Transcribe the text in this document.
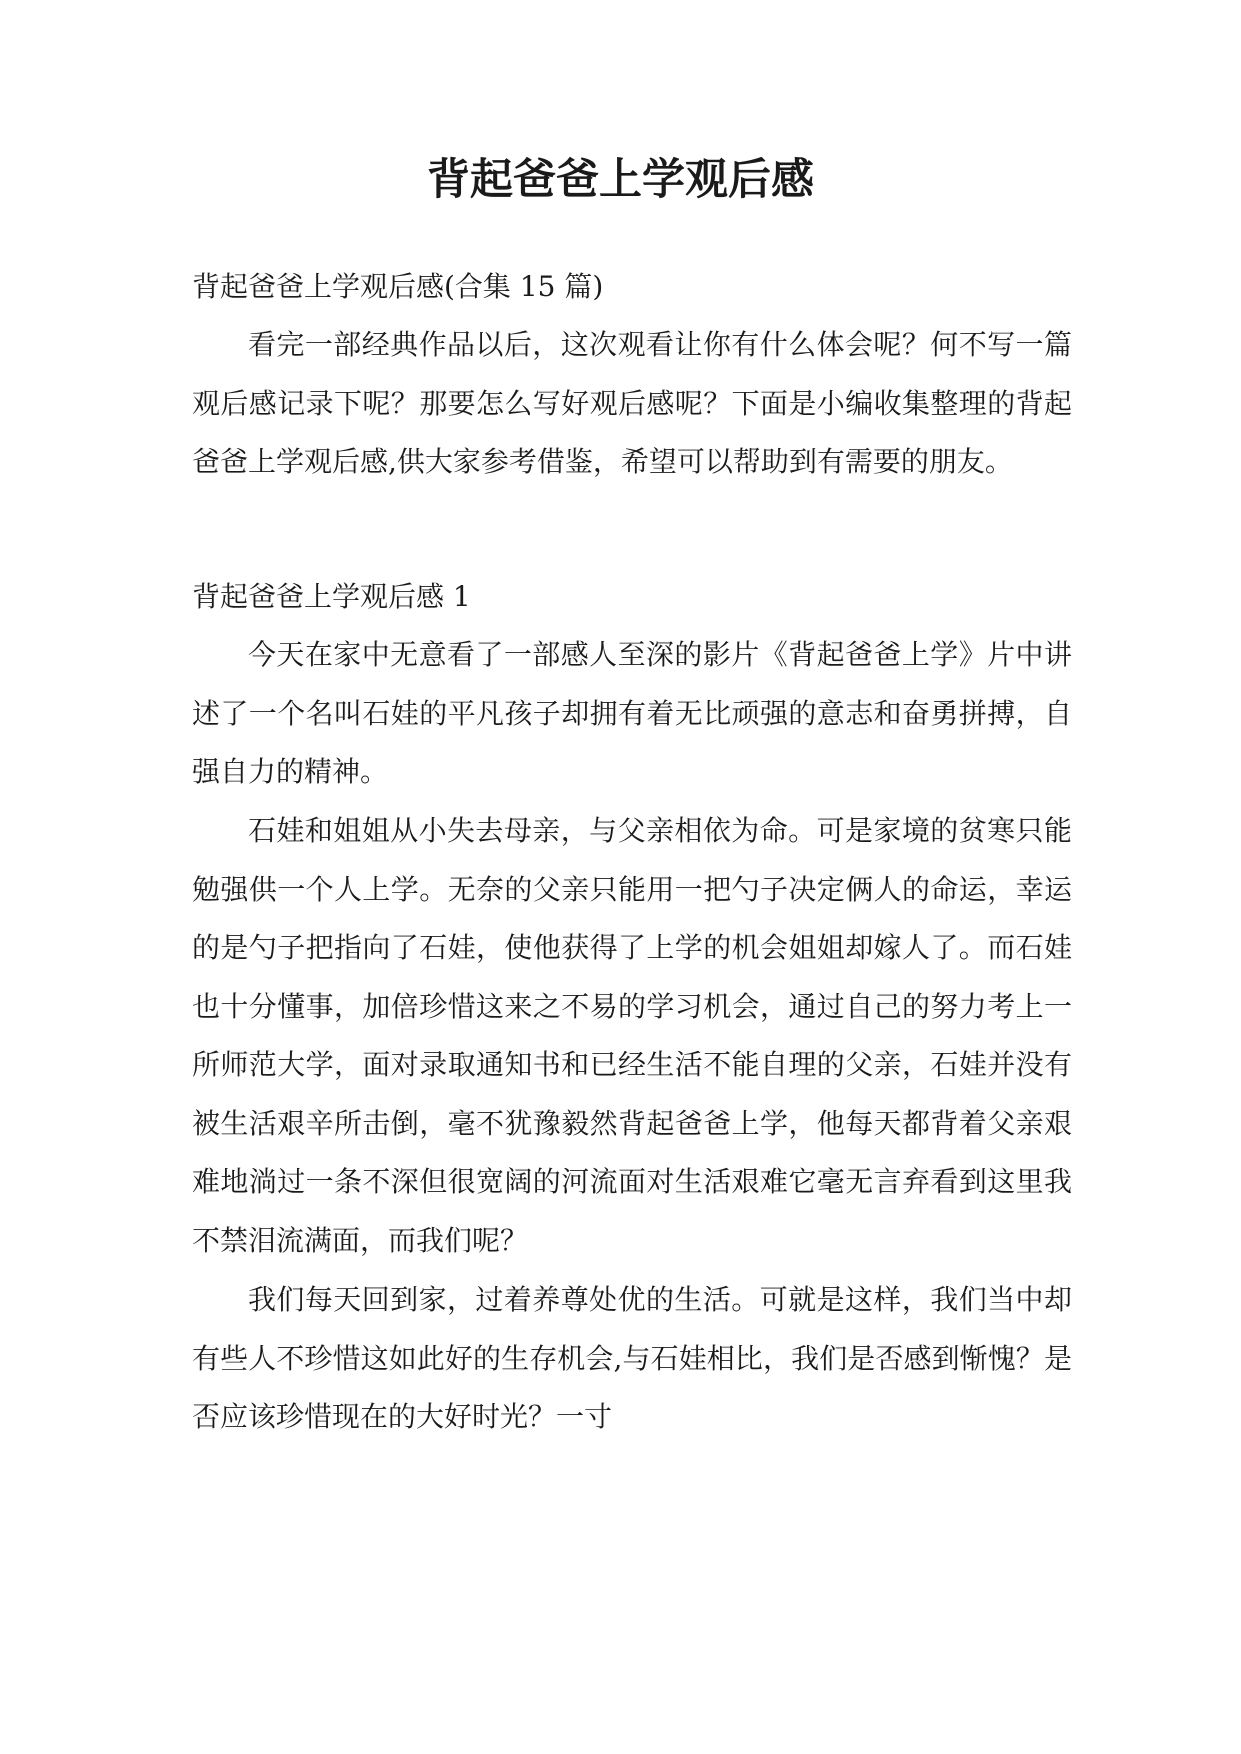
背起爸爸上学观后感

背起爸爸上学观后感(合集 15 篇)

看完一部经典作品以后，这次观看让你有什么体会呢？何不写一篇观后感记录下呢？那要怎么写好观后感呢？下面是小编收集整理的背起爸爸上学观后感,供大家参考借鉴，希望可以帮助到有需要的朋友。

背起爸爸上学观后感 1

今天在家中无意看了一部感人至深的影片《背起爸爸上学》片中讲述了一个名叫石娃的平凡孩子却拥有着无比顽强的意志和奋勇拼搏，自强自力的精神。

石娃和姐姐从小失去母亲，与父亲相依为命。可是家境的贫寒只能勉强供一个人上学。无奈的父亲只能用一把勺子决定俩人的命运，幸运的是勺子把指向了石娃，使他获得了上学的机会姐姐却嫁人了。而石娃也十分懂事，加倍珍惜这来之不易的学习机会，通过自己的努力考上一所师范大学，面对录取通知书和已经生活不能自理的父亲，石娃并没有被生活艰辛所击倒，毫不犹豫毅然背起爸爸上学，他每天都背着父亲艰难地淌过一条不深但很宽阔的河流面对生活艰难它毫无言弃看到这里我不禁泪流满面，而我们呢？

我们每天回到家，过着养尊处优的生活。可就是这样，我们当中却有些人不珍惜这如此好的生存机会,与石娃相比，我们是否感到惭愧？是否应该珍惜现在的大好时光？一寸
